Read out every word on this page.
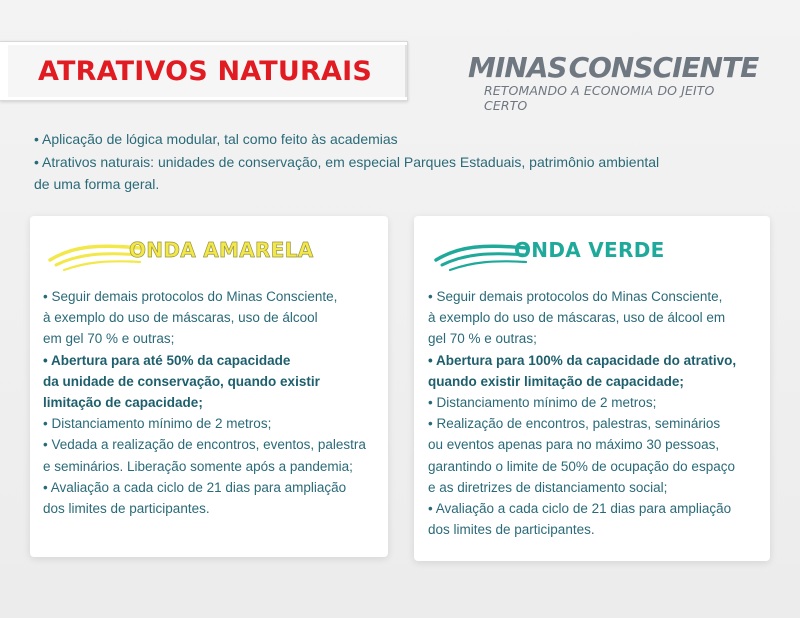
ATRATIVOS NATURAIS	MINAS CONSCIENTE
RETOMANDO A ECONOMIA DO JEITO CERTO
• Aplicação de lógica modular, tal como feito às academias
• Atrativos naturais: unidades de conservação, em especial Parques Estaduais, patrimônio ambiental
de uma forma geral.
ONDA AMARELA
• Seguir demais protocolos do Minas Consciente,
à exemplo do uso de máscaras, uso de álcool
em gel 70 % e outras;
• Abertura para até 50% da capacidade
da unidade de conservação, quando existir
limitação de capacidade;
• Distanciamento mínimo de 2 metros;
• Vedada a realização de encontros, eventos, palestra
e seminários. Liberação somente após a pandemia;
• Avaliação a cada ciclo de 21 dias para ampliação
dos limites de participantes.
ONDA VERDE
• Seguir demais protocolos do Minas Consciente,
à exemplo do uso de máscaras, uso de álcool em
gel 70 % e outras;
• Abertura para 100% da capacidade do atrativo,
quando existir limitação de capacidade;
• Distanciamento mínimo de 2 metros;
• Realização de encontros, palestras, seminários
ou eventos apenas para no máximo 30 pessoas,
garantindo o limite de 50% de ocupação do espaço
e as diretrizes de distanciamento social;
• Avaliação a cada ciclo de 21 dias para ampliação
dos limites de participantes.
